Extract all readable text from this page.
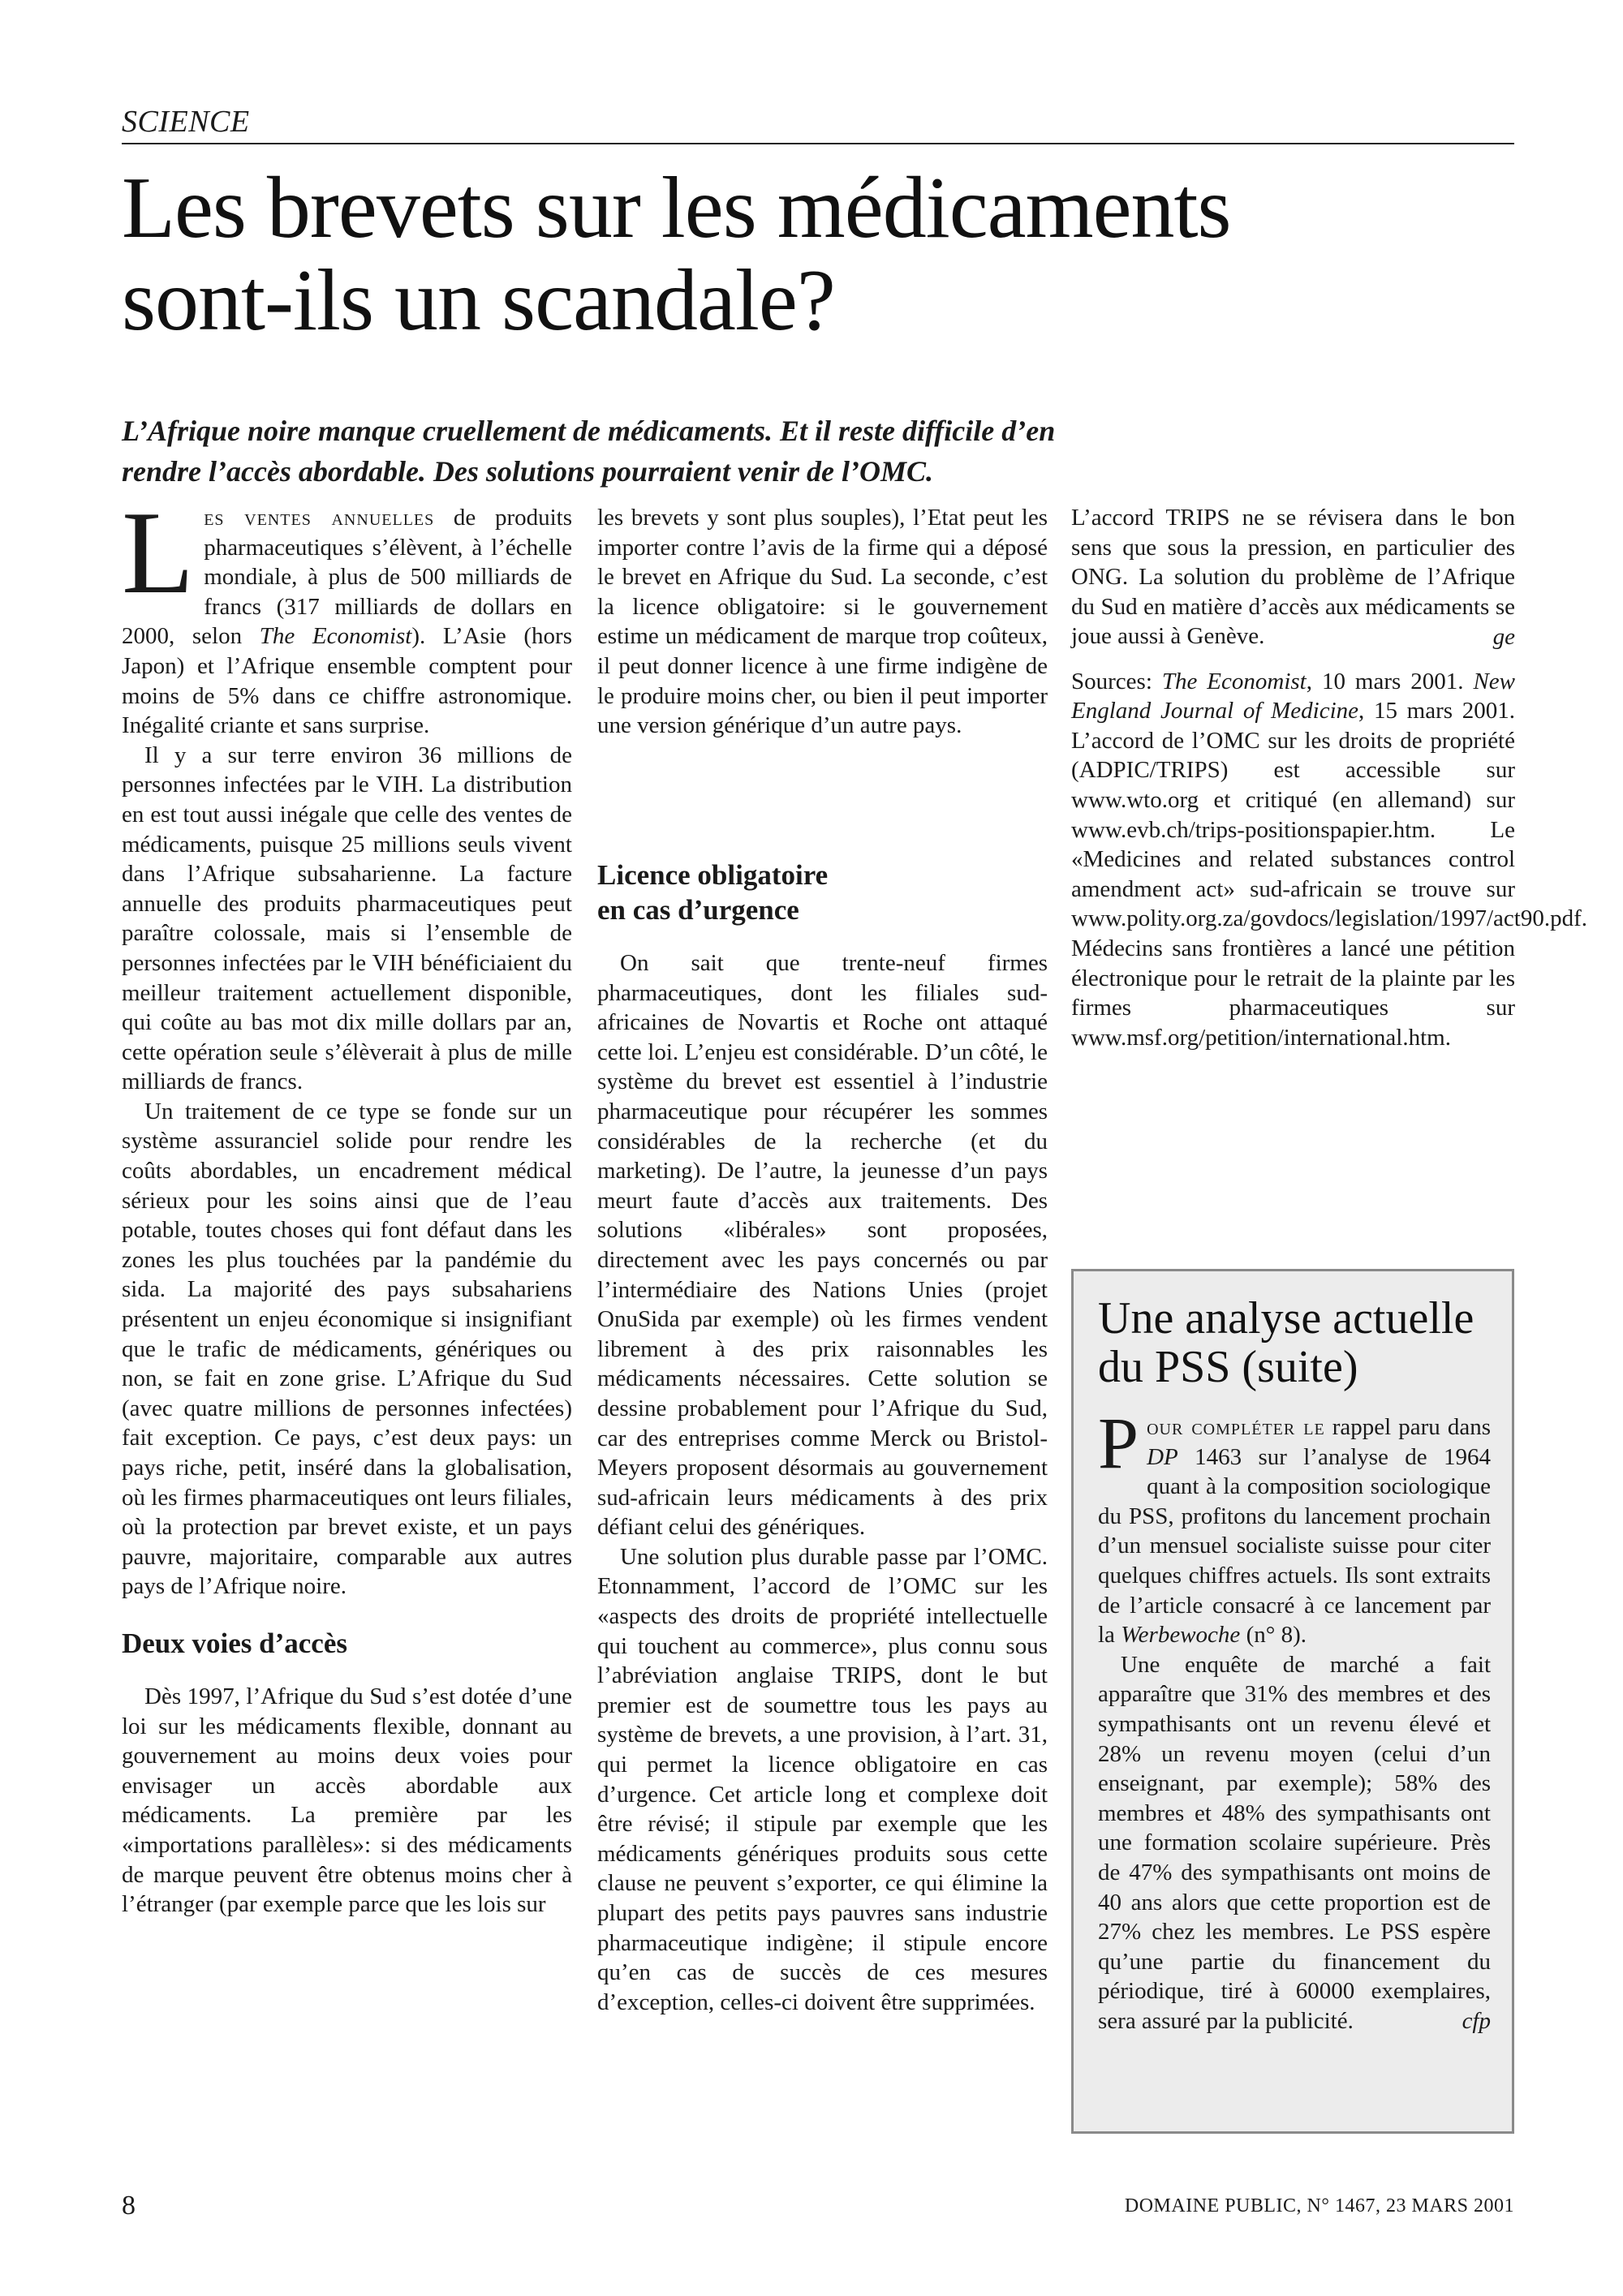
SCIENCE
Les brevets sur les médicaments
sont-ils un scandale?

L’Afrique noire manque cruellement de médicaments. Et il reste difficile d’en
rendre l’accès abordable. Des solutions pourraient venir de l’OMC.

Les ventes annuelles de produits pharmaceutiques s’élèvent, à l’échelle mondiale, à plus de 500 milliards de francs (317 milliards de dollars en 2000, selon The Economist). L’Asie (hors Japon) et l’Afrique ensemble comptent pour moins de 5% dans ce chiffre astronomique. Inégalité criante et sans surprise.

Il y a sur terre environ 36 millions de personnes infectées par le VIH. La distribution en est tout aussi inégale que celle des ventes de médicaments, puisque 25 millions seuls vivent dans l’Afrique subsaharienne. La facture annuelle des produits pharmaceutiques peut paraître colossale, mais si l’ensemble de personnes infectées par le VIH bénéficiaient du meilleur traitement actuellement disponible, qui coûte au bas mot dix mille dollars par an, cette opération seule s’élèverait à plus de mille milliards de francs.

Un traitement de ce type se fonde sur un système assuranciel solide pour rendre les coûts abordables, un encadrement médical sérieux pour les soins ainsi que de l’eau potable, toutes choses qui font défaut dans les zones les plus touchées par la pandémie du sida. La majorité des pays subsahariens présentent un enjeu économique si insignifiant que le trafic de médicaments, génériques ou non, se fait en zone grise. L’Afrique du Sud (avec quatre millions de personnes infectées) fait exception. Ce pays, c’est deux pays: un pays riche, petit, inséré dans la globalisation, où les firmes pharmaceutiques ont leurs filiales, où la protection par brevet existe, et un pays pauvre, majoritaire, comparable aux autres pays de l’Afrique noire.

Deux voies d’accès

Dès 1997, l’Afrique du Sud s’est dotée d’une loi sur les médicaments flexible, donnant au gouvernement au moins deux voies pour envisager un accès abordable aux médicaments. La première par les «importations parallèles»: si des médicaments de marque peuvent être obtenus moins cher à l’étranger (par exemple parce que les lois sur

les brevets y sont plus souples), l’Etat peut les importer contre l’avis de la firme qui a déposé le brevet en Afrique du Sud. La seconde, c’est la licence obligatoire: si le gouvernement estime un médicament de marque trop coûteux, il peut donner licence à une firme indigène de le produire moins cher, ou bien il peut importer une version générique d’un autre pays.

Licence obligatoire
en cas d’urgence

On sait que trente-neuf firmes pharmaceutiques, dont les filiales sud-africaines de Novartis et Roche ont attaqué cette loi. L’enjeu est considérable. D’un côté, le système du brevet est essentiel à l’industrie pharmaceutique pour récupérer les sommes considérables de la recherche (et du marketing). De l’autre, la jeunesse d’un pays meurt faute d’accès aux traitements. Des solutions «libérales» sont proposées, directement avec les pays concernés ou par l’intermédiaire des Nations Unies (projet OnuSida par exemple) où les firmes vendent librement à des prix raisonnables les médicaments nécessaires. Cette solution se dessine probablement pour l’Afrique du Sud, car des entreprises comme Merck ou Bristol-Meyers proposent désormais au gouvernement sud-africain leurs médicaments à des prix défiant celui des génériques.

Une solution plus durable passe par l’OMC. Etonnamment, l’accord de l’OMC sur les «aspects des droits de propriété intellectuelle qui touchent au commerce», plus connu sous l’abréviation anglaise TRIPS, dont le but premier est de soumettre tous les pays au système de brevets, a une provision, à l’art. 31, qui permet la licence obligatoire en cas d’urgence. Cet article long et complexe doit être révisé; il stipule par exemple que les médicaments génériques produits sous cette clause ne peuvent s’exporter, ce qui élimine la plupart des petits pays pauvres sans industrie pharmaceutique indigène; il stipule encore qu’en cas de succès de ces mesures d’exception, celles-ci doivent être supprimées.

L’accord TRIPS ne se révisera dans le bon sens que sous la pression, en particulier des ONG. La solution du problème de l’Afrique du Sud en matière d’accès aux médicaments se joue aussi à Genève.	ge

Sources: The Economist, 10 mars 2001. New England Journal of Medicine, 15 mars 2001. L’accord de l’OMC sur les droits de propriété (ADPIC/TRIPS) est accessible sur www.wto.org et critiqué (en allemand) sur www.evb.ch/trips-positionspapier.htm. Le «Medicines and related substances control amendment act» sud-africain se trouve sur www.polity.org.za/govdocs/legislation/1997/act90.pdf.

Médecins sans frontières a lancé une pétition électronique pour le retrait de la plainte par les firmes pharmaceutiques sur www.msf.org/petition/international.htm.

Une analyse actuelle
du PSS (suite)

Pour compléter le rappel paru dans DP 1463 sur l’analyse de 1964 quant à la composition sociologique du PSS, profitons du lancement prochain d’un mensuel socialiste suisse pour citer quelques chiffres actuels. Ils sont extraits de l’article consacré à ce lancement par la Werbewoche (n° 8).

Une enquête de marché a fait apparaître que 31% des membres et des sympathisants ont un revenu élevé et 28% un revenu moyen (celui d’un enseignant, par exemple); 58% des membres et 48% des sympathisants ont une formation scolaire supérieure. Près de 47% des sympathisants ont moins de 40 ans alors que cette proportion est de 27% chez les membres. Le PSS espère qu’une partie du financement du périodique, tiré à 60000 exemplaires, sera assuré par la publicité.	cfp

8	DOMAINE PUBLIC, N° 1467, 23 MARS 2001
